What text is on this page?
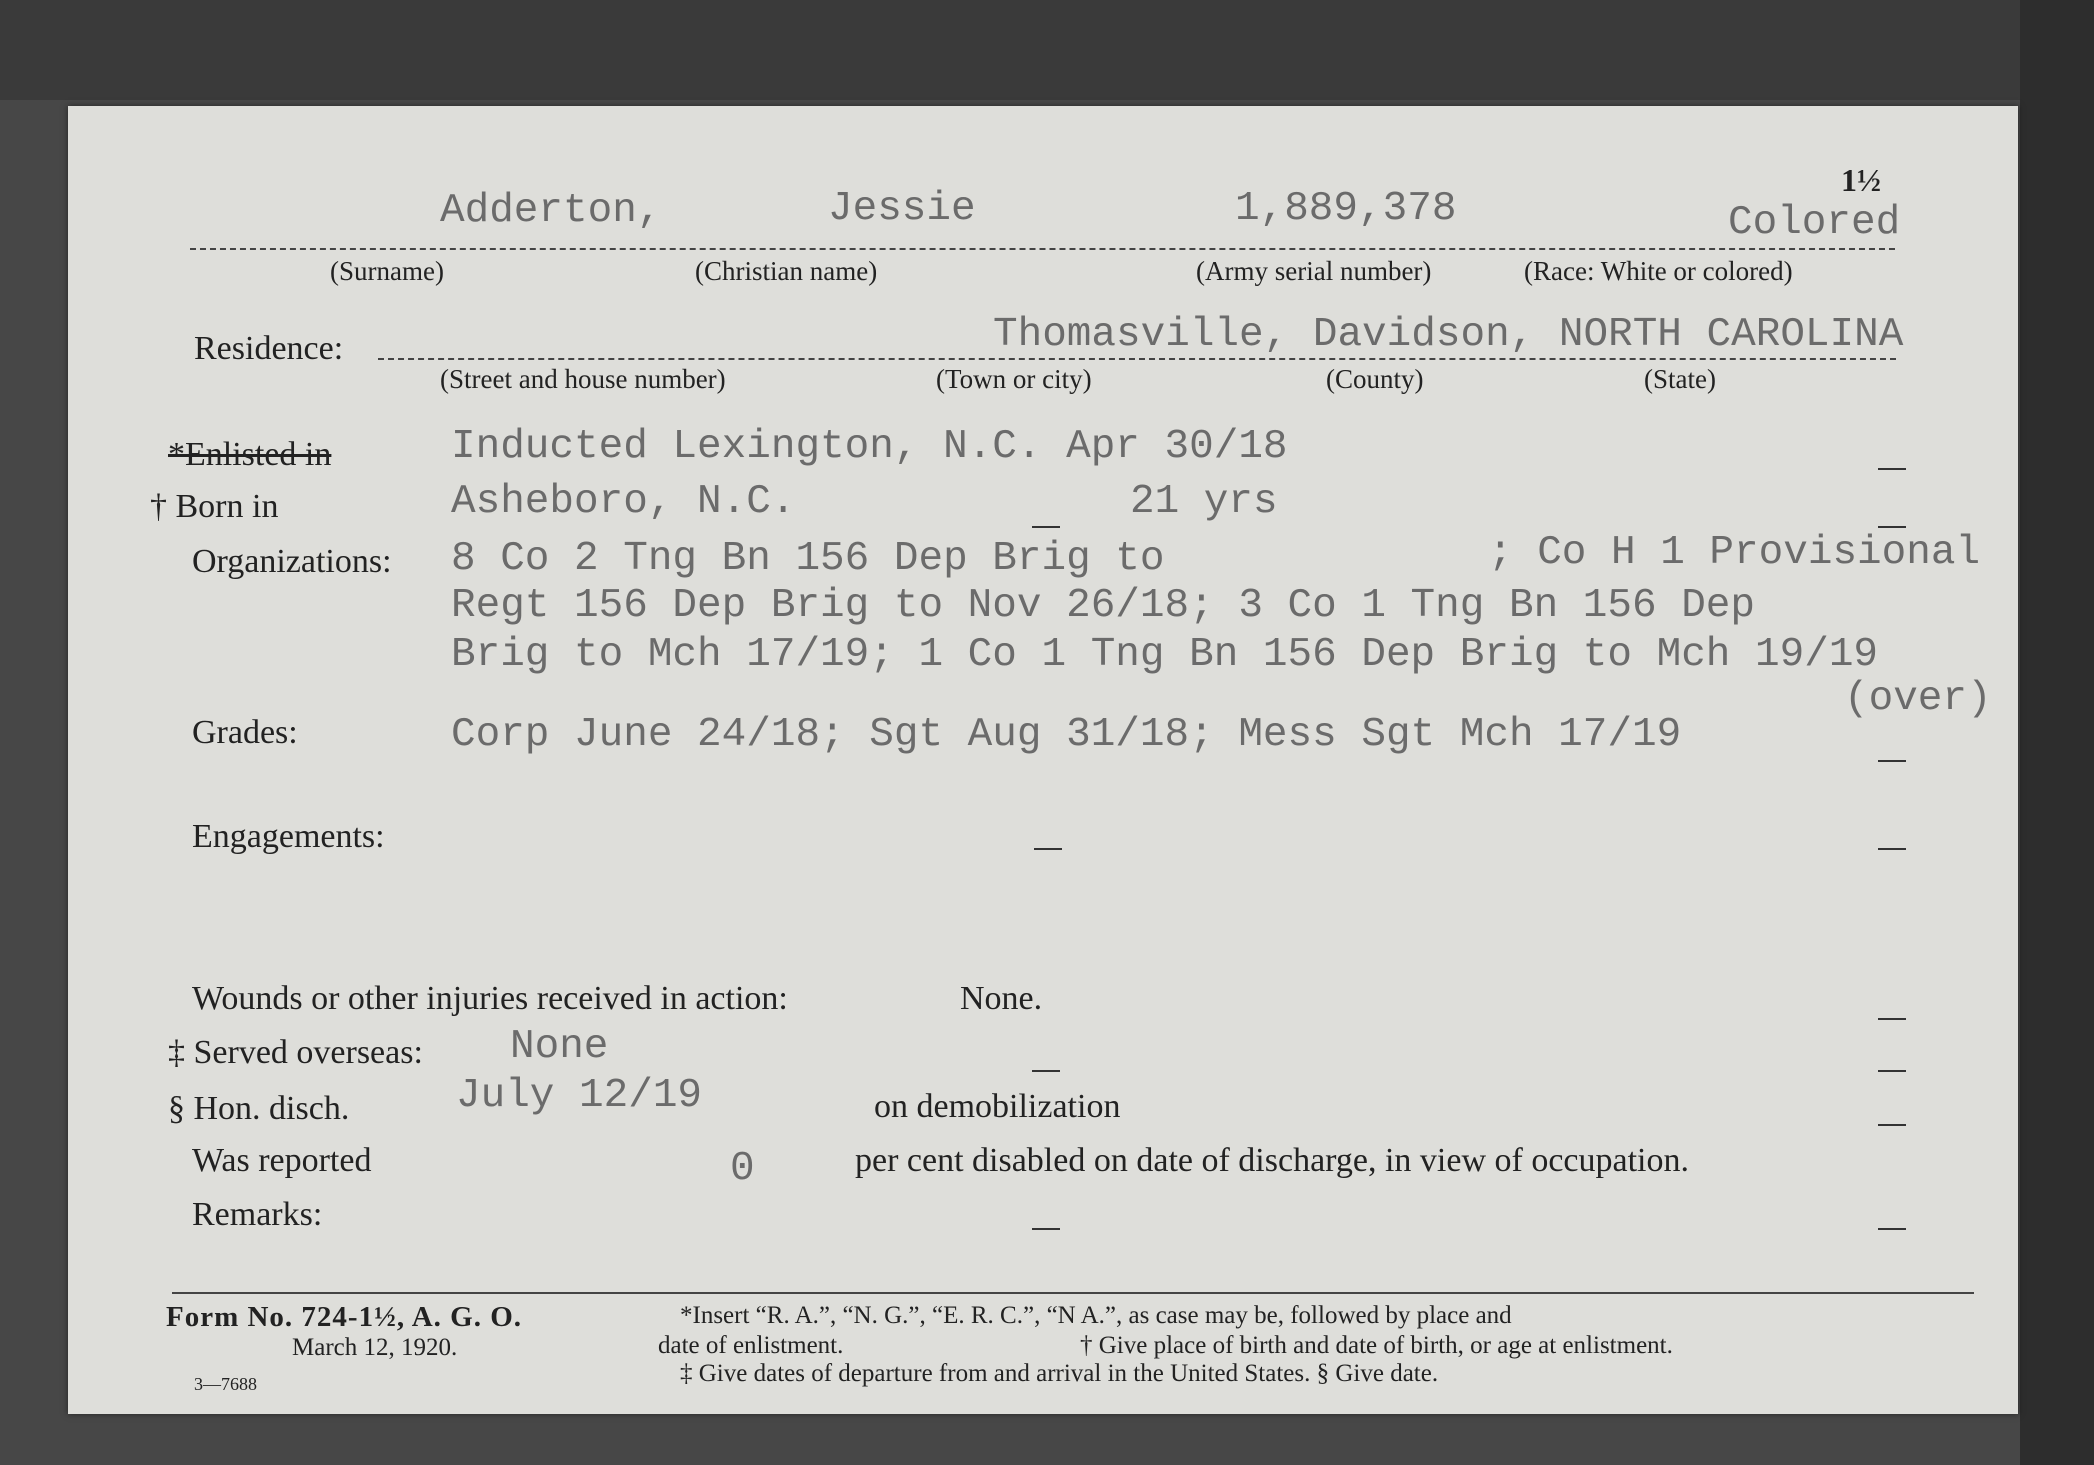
1½
Adderton,	Jessie	1,889,378	Colored
(Surname)	(Christian name)	(Army serial number)	(Race: White or colored)
Residence:	Thomasville, Davidson, NORTH CAROLINA
(Street and house number)	(Town or city)	(County)	(State)
*Enlisted in	Inducted Lexington, N.C. Apr 30/18
† Born in	Asheboro, N.C.	21 yrs
Organizations: 8 Co 2 Tng Bn 156 Dep Brig to	; Co H 1 Provisional
Regt 156 Dep Brig to Nov 26/18; 3 Co 1 Tng Bn 156 Dep
Brig to Mch 17/19; 1 Co 1 Tng Bn 156 Dep Brig to Mch 19/19
(over)
Grades:	Corp June 24/18; Sgt Aug 31/18; Mess Sgt Mch 17/19
Engagements:
Wounds or other injuries received in action:	None.
‡ Served overseas: None
§ Hon. disch.	July 12/19	on demobilization
Was reported	0	per cent disabled on date of discharge, in view of occupation.
Remarks:
Form No. 724-1½, A. G. O.
March 12, 1920.
3—7688
*Insert “R. A.”, “N. G.”, “E. R. C.”, “N A.”, as case may be, followed by place and
date of enlistment.	† Give place of birth and date of birth, or age at enlistment.
‡ Give dates of departure from and arrival in the United States. § Give date.
